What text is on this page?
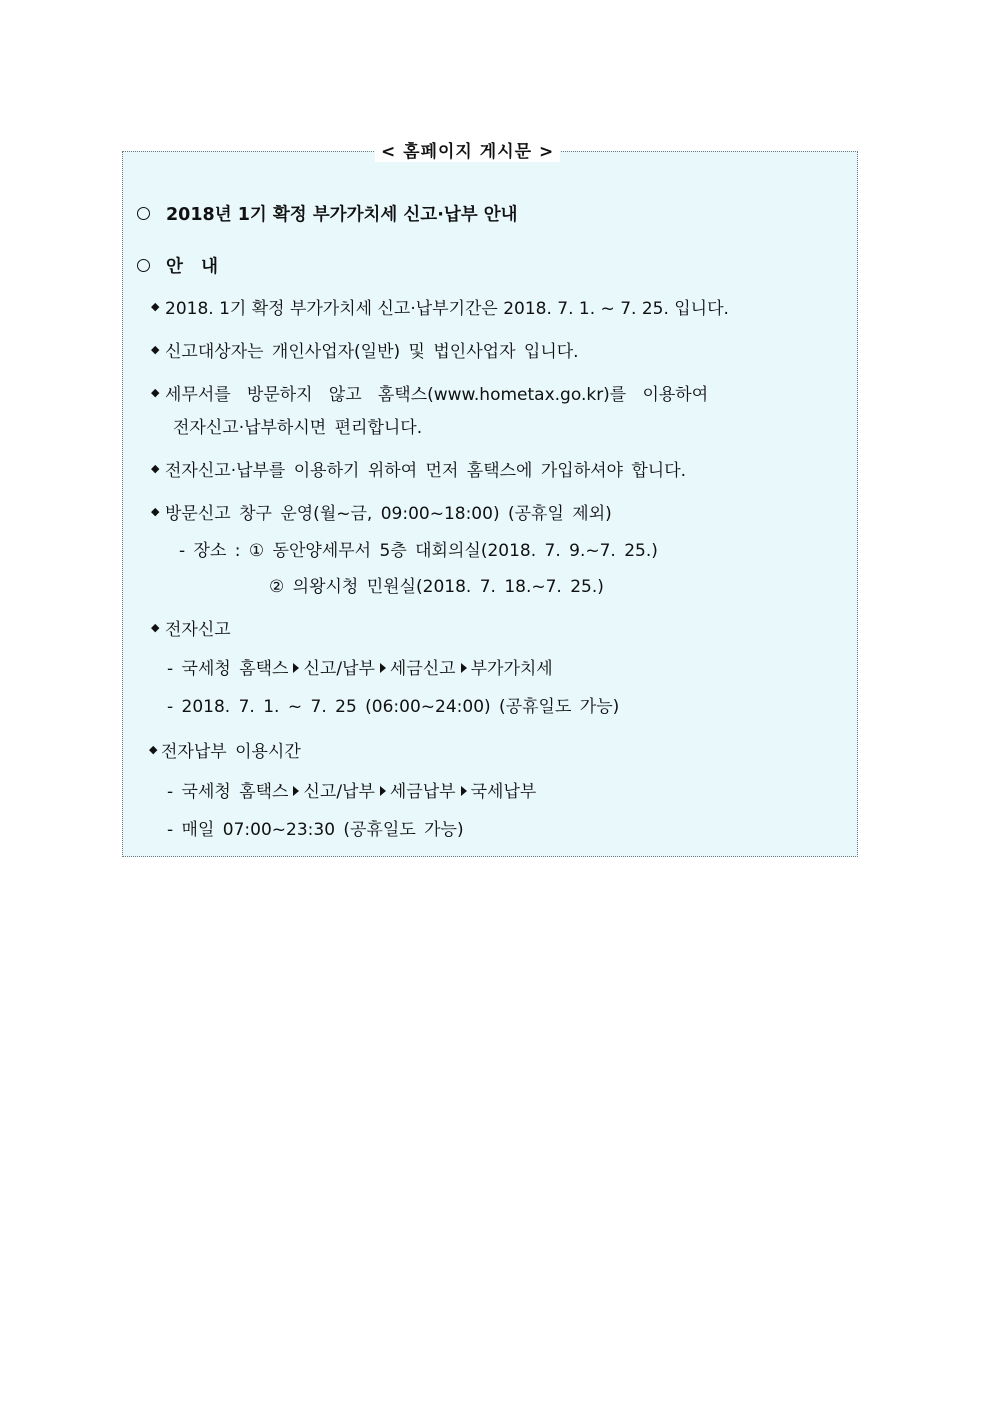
< 홈페이지 게시문 >
2018년 1기 확정 부가가치세 신고·납부 안내
안   내
◆ 2018. 1기 확정 부가가치세 신고·납부기간은 2018. 7. 1. ~ 7. 25. 입니다.
◆ 신고대상자는 개인사업자(일반) 및 법인사업자 입니다.
◆ 세무서를   방문하지   않고   홈택스(www.hometax.go.kr)를   이용하여
전자신고·납부하시면 편리합니다.
◆ 전자신고·납부를 이용하기 위하여 먼저 홈택스에 가입하셔야 합니다.
◆ 방문신고 창구 운영(월~금, 09:00~18:00) (공휴일 제외)
- 장소 : ① 동안양세무서 5층 대회의실(2018. 7. 9.~7. 25.)
② 의왕시청 민원실(2018. 7. 18.~7. 25.)
◆ 전자신고
- 국세청 홈택스 신고/납부 세금신고 부가가치세
- 2018. 7. 1. ~ 7. 25 (06:00~24:00) (공휴일도 가능)
◆ 전자납부 이용시간
- 국세청 홈택스 신고/납부 세금납부 국세납부
- 매일 07:00~23:30 (공휴일도 가능)
